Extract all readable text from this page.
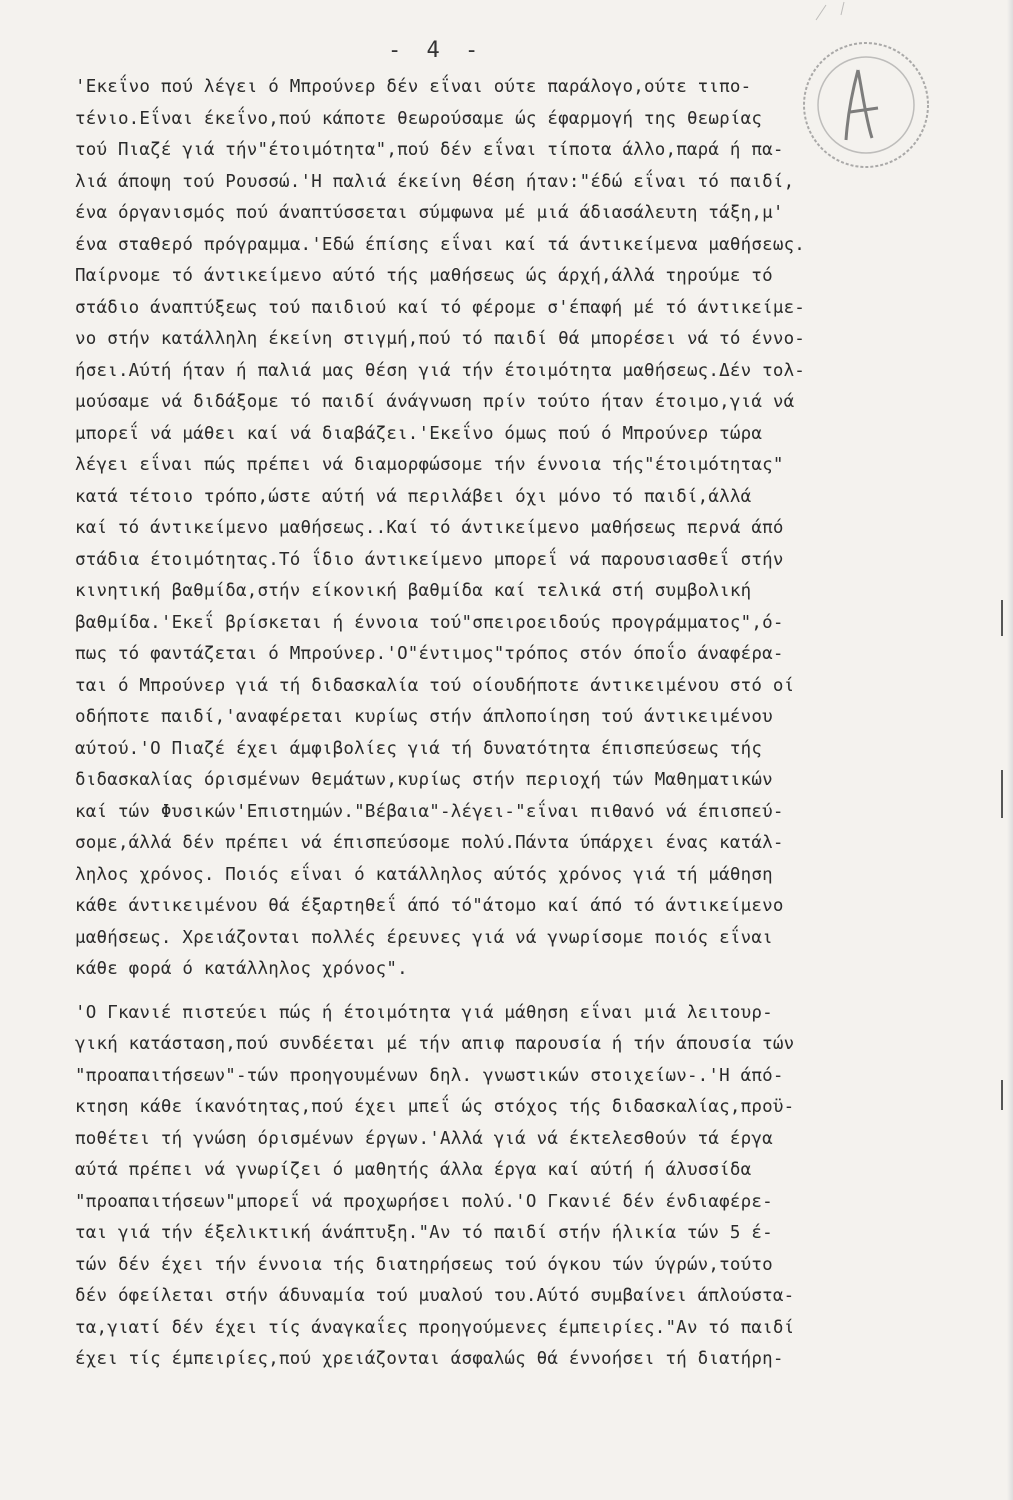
- 4 -
'Εκεΐνο πού λέγει ό Μπρούνερ δέν εΐναι ούτε παράλογο,ούτε τιπο-
τένιο.Εΐναι έκεΐνο,πού κάποτε θεωρούσαμε ώς έφαρμογή της θεωρίας
τού Πιαζέ γιά τήν"έτοιμότητα",πού δέν εΐναι τίποτα άλλο,παρά ή πα-
λιά άποψη τού Ρουσσώ.'Η παλιά έκείνη θέση ήταν:"έδώ εΐναι τό παιδί,
ένα όργανισμός πού άναπτύσσεται σύμφωνα μέ μιά άδιασάλευτη τάξη,μ'
ένα σταθερό πρόγραμμα.'Εδώ έπίσης εΐναι καί τά άντικείμενα μαθήσεως.
Παίρνομε τό άντικείμενο αύτό τής μαθήσεως ώς άρχή,άλλά τηρούμε τό
στάδιο άναπτύξεως τού παιδιού καί τό φέρομε σ'έπαφή μέ τό άντικείμε-
νο στήν κατάλληλη έκείνη στιγμή,πού τό παιδί θά μπορέσει νά τό έννο-
ήσει.Αύτή ήταν ή παλιά μας θέση γιά τήν έτοιμότητα μαθήσεως.Δέν τολ-
μούσαμε νά διδάξομε τό παιδί άνάγνωση πρίν τούτο ήταν έτοιμο,γιά νά
μπορεΐ νά μάθει καί νά διαβάζει.'Εκεΐνο όμως πού ό Μπρούνερ τώρα
λέγει εΐναι πώς πρέπει νά διαμορφώσομε τήν έννοια τής"έτοιμότητας"
κατά τέτοιο τρόπο,ώστε αύτή νά περιλάβει όχι μόνο τό παιδί,άλλά
καί τό άντικείμενο μαθήσεως..Καί τό άντικείμενο μαθήσεως περνά άπό
στάδια έτοιμότητας.Τό ΐδιο άντικείμενο μπορεΐ νά παρουσιασθεΐ στήν
κινητική βαθμίδα,στήν είκονική βαθμίδα καί τελικά στή συμβολική
βαθμίδα.'Εκεΐ βρίσκεται ή έννοια τού"σπειροειδούς προγράμματος",ό-
πως τό φαντάζεται ό Μπρούνερ.'Ο"έντιμος"τρόπος στόν όποΐο άναφέρα-
ται ό Μπρούνερ γιά τή διδασκαλία τού οίουδήποτε άντικειμένου στό οί
οδήποτε παιδί,'αναφέρεται κυρίως στήν άπλοποίηση τού άντικειμένου
αύτού.'Ο Πιαζέ έχει άμφιβολίες γιά τή δυνατότητα έπισπεύσεως τής
διδασκαλίας όρισμένων θεμάτων,κυρίως στήν περιοχή τών Μαθηματικών
καί τών Φυσικών'Επιστημών."Βέβαια"-λέγει-"εΐναι πιθανό νά έπισπεύ-
σομε,άλλά δέν πρέπει νά έπισπεύσομε πολύ.Πάντα ύπάρχει ένας κατάλ-
ληλος χρόνος. Ποιός εΐναι ό κατάλληλος αύτός χρόνος γιά τή μάθηση
κάθε άντικειμένου θά έξαρτηθεΐ άπό τό"άτομο καί άπό τό άντικείμενο
μαθήσεως. Χρειάζονται πολλές έρευνες γιά νά γνωρίσομε ποιός εΐναι
κάθε φορά ό κατάλληλος χρόνος".
'Ο Γκανιέ πιστεύει πώς ή έτοιμότητα γιά μάθηση εΐναι μιά λειτουρ-
γική κατάσταση,πού συνδέεται μέ τήν απιφ παρουσία ή τήν άπουσία τών
"προαπαιτήσεων"-τών προηγουμένων δηλ. γνωστικών στοιχείων-.'Η άπό-
κτηση κάθε ίκανότητας,πού έχει μπεΐ ώς στόχος τής διδασκαλίας,προϋ-
ποθέτει τή γνώση όρισμένων έργων.'Αλλά γιά νά έκτελεσθούν τά έργα
αύτά πρέπει νά γνωρίζει ό μαθητής άλλα έργα καί αύτή ή άλυσσίδα
"προαπαιτήσεων"μπορεΐ νά προχωρήσει πολύ.'Ο Γκανιέ δέν ένδιαφέρε-
ται γιά τήν έξελικτική άνάπτυξη."Αν τό παιδί στήν ήλικία τών 5 έ-
τών δέν έχει τήν έννοια τής διατηρήσεως τού όγκου τών ύγρών,τούτο
δέν όφείλεται στήν άδυναμία τού μυαλού του.Αύτό συμβαίνει άπλούστα-
τα,γιατί δέν έχει τίς άναγκαΐες προηγούμενες έμπειρίες."Αν τό παιδί
έχει τίς έμπειρίες,πού χρειάζονται άσφαλώς θά έννοήσει τή διατήρη-
